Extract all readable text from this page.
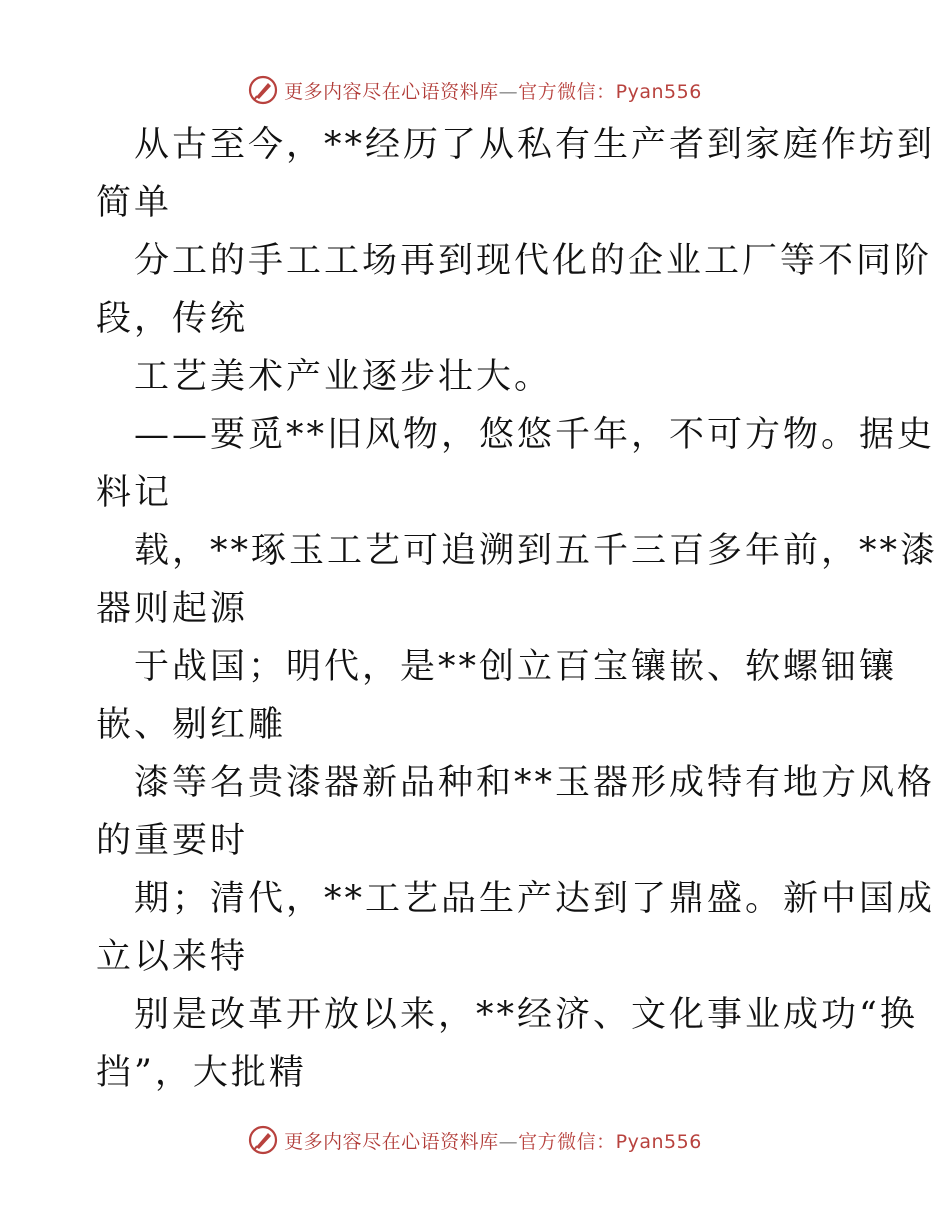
更多内容尽在心语资料库—官方微信：Pyan556

从古至今，**经历了从私有生产者到家庭作坊到
简单

分工的手工工场再到现代化的企业工厂等不同阶
段，传统

工艺美术产业逐步壮大。

——要觅**旧风物，悠悠千年，不可方物。据史
料记

载，**琢玉工艺可追溯到五千三百多年前，**漆
器则起源

于战国；明代，是**创立百宝镶嵌、软螺钿镶
嵌、剔红雕

漆等名贵漆器新品种和**玉器形成特有地方风格
的重要时

期；清代，**工艺品生产达到了鼎盛。新中国成
立以来特

别是改革开放以来，**经济、文化事业成功“换
挡”，大批精

更多内容尽在心语资料库—官方微信：Pyan556
